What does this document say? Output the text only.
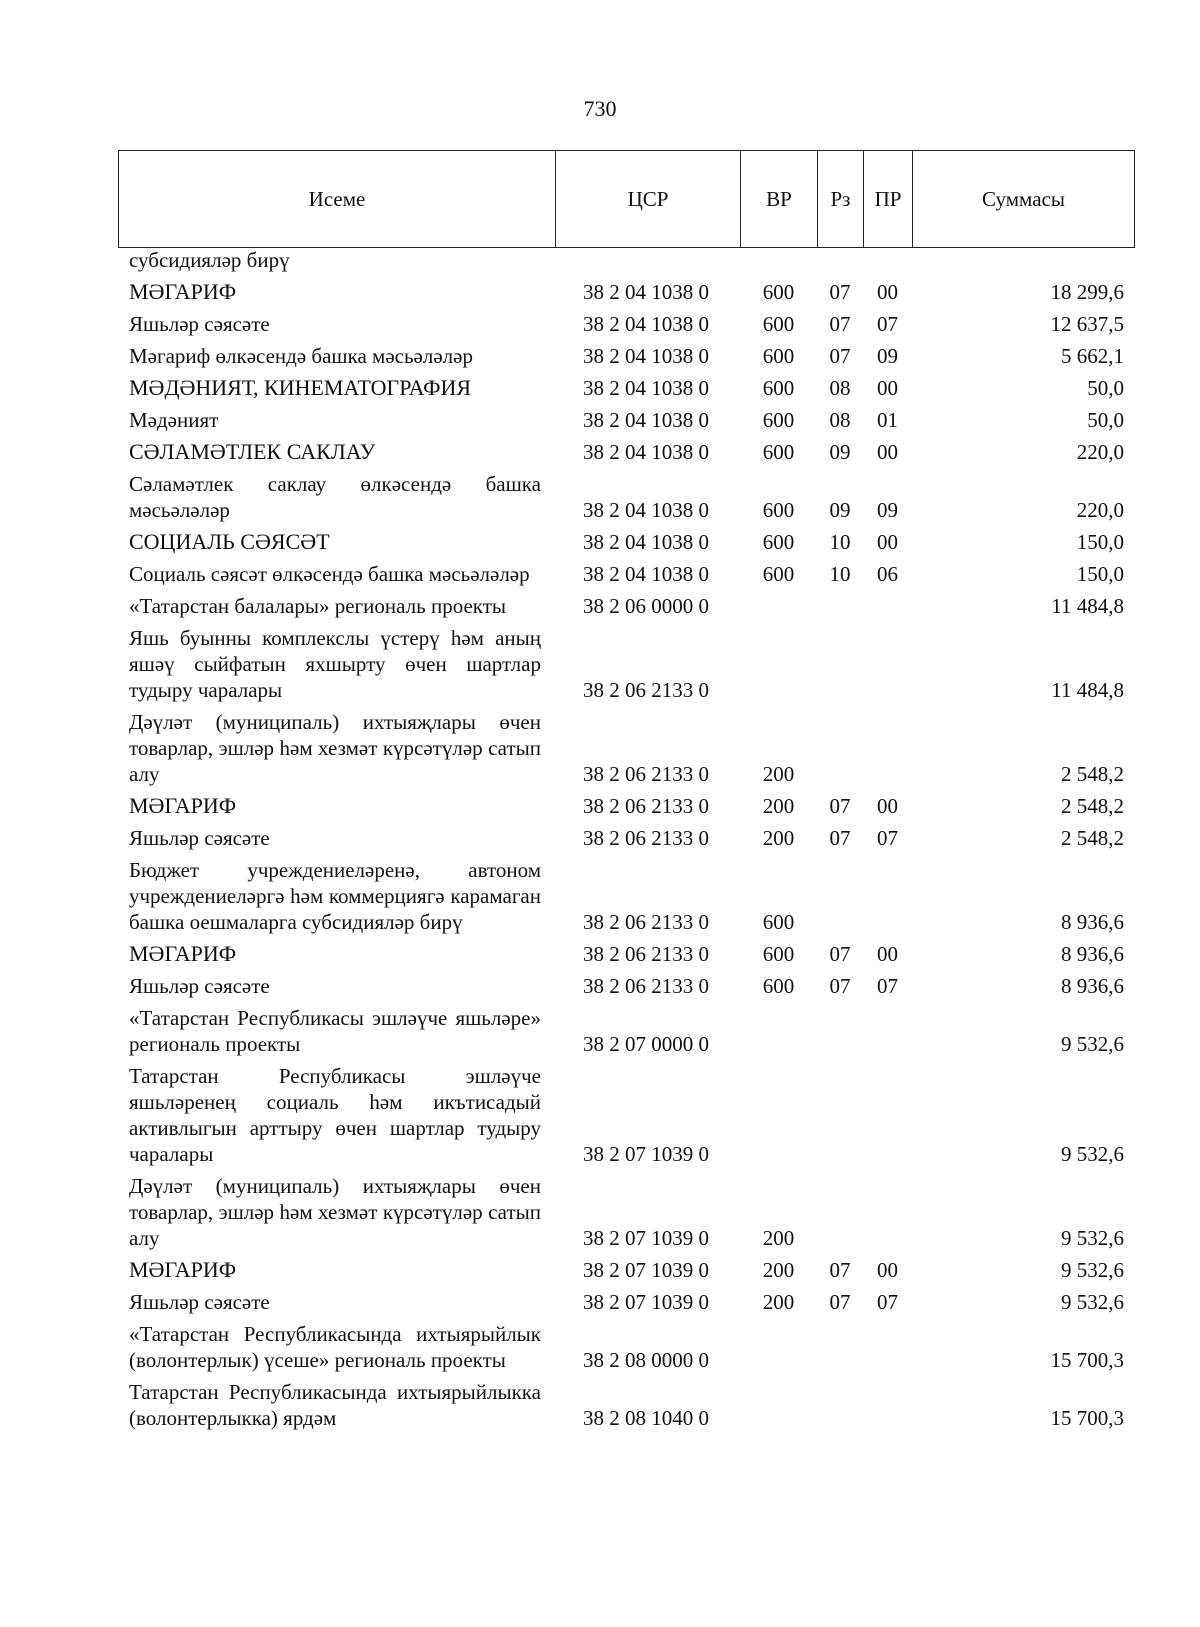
730
Исеме	ЦСР	ВР	Рз	ПР	Суммасы
субсидияләр бирү					
МӘГАРИФ	38 2 04 1038 0	600	07	00	18 299,6
Яшьләр сәясәте	38 2 04 1038 0	600	07	07	12 637,5
Мәгариф өлкәсендә башка мәсьәләләр	38 2 04 1038 0	600	07	09	5 662,1
МӘДӘНИЯТ, КИНЕМАТОГРАФИЯ	38 2 04 1038 0	600	08	00	50,0
Мәдәният	38 2 04 1038 0	600	08	01	50,0
СӘЛАМӘТЛЕК САКЛАУ	38 2 04 1038 0	600	09	00	220,0
Сәламәтлек саклау өлкәсендә башка мәсьәләләр	38 2 04 1038 0	600	09	09	220,0
СОЦИАЛЬ СӘЯСӘТ	38 2 04 1038 0	600	10	00	150,0
Социаль сәясәт өлкәсендә башка мәсьәләләр	38 2 04 1038 0	600	10	06	150,0
«Татарстан балалары» региональ проекты	38 2 06 0000 0				11 484,8
Яшь буынны комплекслы үстерү һәм аның яшәү сыйфатын яхшырту өчен шартлар тудыру чаралары	38 2 06 2133 0				11 484,8
Дәүләт (муниципаль) ихтыяҗлары өчен товарлар, эшләр һәм хезмәт күрсәтүләр сатып алу	38 2 06 2133 0	200			2 548,2
МӘГАРИФ	38 2 06 2133 0	200	07	00	2 548,2
Яшьләр сәясәте	38 2 06 2133 0	200	07	07	2 548,2
Бюджет учреждениеләренә, автоном учреждениеләргә һәм коммерциягә карамаган башка оешмаларга субсидияләр бирү	38 2 06 2133 0	600			8 936,6
МӘГАРИФ	38 2 06 2133 0	600	07	00	8 936,6
Яшьләр сәясәте	38 2 06 2133 0	600	07	07	8 936,6
«Татарстан Республикасы эшләүче яшьләре» региональ проекты	38 2 07 0000 0				9 532,6
Татарстан Республикасы эшләүче яшьләренең социаль һәм икътисадый активлыгын арттыру өчен шартлар тудыру чаралары	38 2 07 1039 0				9 532,6
Дәүләт (муниципаль) ихтыяҗлары өчен товарлар, эшләр һәм хезмәт күрсәтүләр сатып алу	38 2 07 1039 0	200			9 532,6
МӘГАРИФ	38 2 07 1039 0	200	07	00	9 532,6
Яшьләр сәясәте	38 2 07 1039 0	200	07	07	9 532,6
«Татарстан Республикасында ихтыярыйлык (волонтерлык) үсеше» региональ проекты	38 2 08 0000 0				15 700,3
Татарстан Республикасында ихтыярыйлыкка (волонтерлыкка) ярдәм	38 2 08 1040 0				15 700,3
